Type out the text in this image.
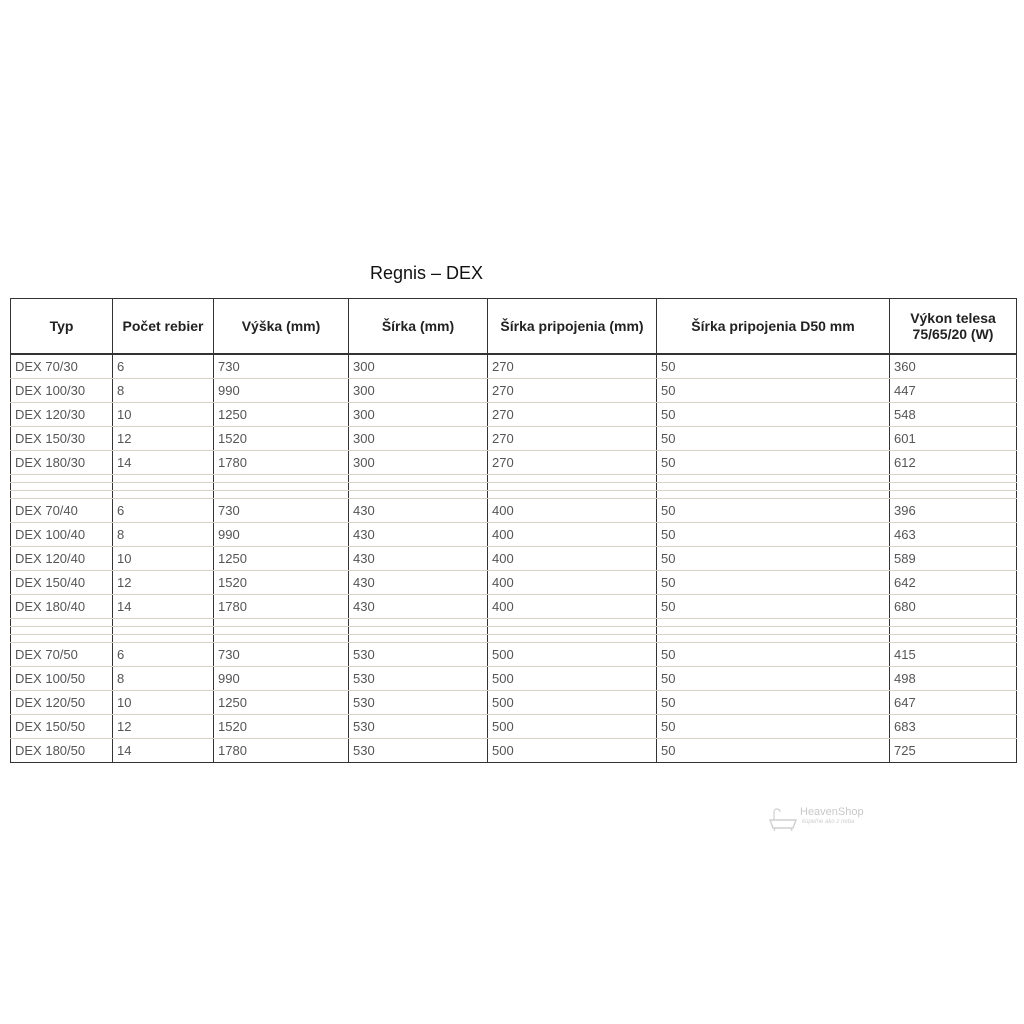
Regnis – DEX
Typ	Počet rebier	Výška (mm)	Šírka (mm)	Šírka pripojenia (mm)	Šírka pripojenia D50 mm	Výkon telesa 75/65/20 (W)
DEX 70/30	6	730	300	270	50	360
DEX 100/30	8	990	300	270	50	447
DEX 120/30	10	1250	300	270	50	548
DEX 150/30	12	1520	300	270	50	601
DEX 180/30	14	1780	300	270	50	612

DEX 70/40	6	730	430	400	50	396
DEX 100/40	8	990	430	400	50	463
DEX 120/40	10	1250	430	400	50	589
DEX 150/40	12	1520	430	400	50	642
DEX 180/40	14	1780	430	400	50	680

DEX 70/50	6	730	530	500	50	415
DEX 100/50	8	990	530	500	50	498
DEX 120/50	10	1250	530	500	50	647
DEX 150/50	12	1520	530	500	50	683
DEX 180/50	14	1780	530	500	50	725
HeavenShop
kúpeľne ako z neba
